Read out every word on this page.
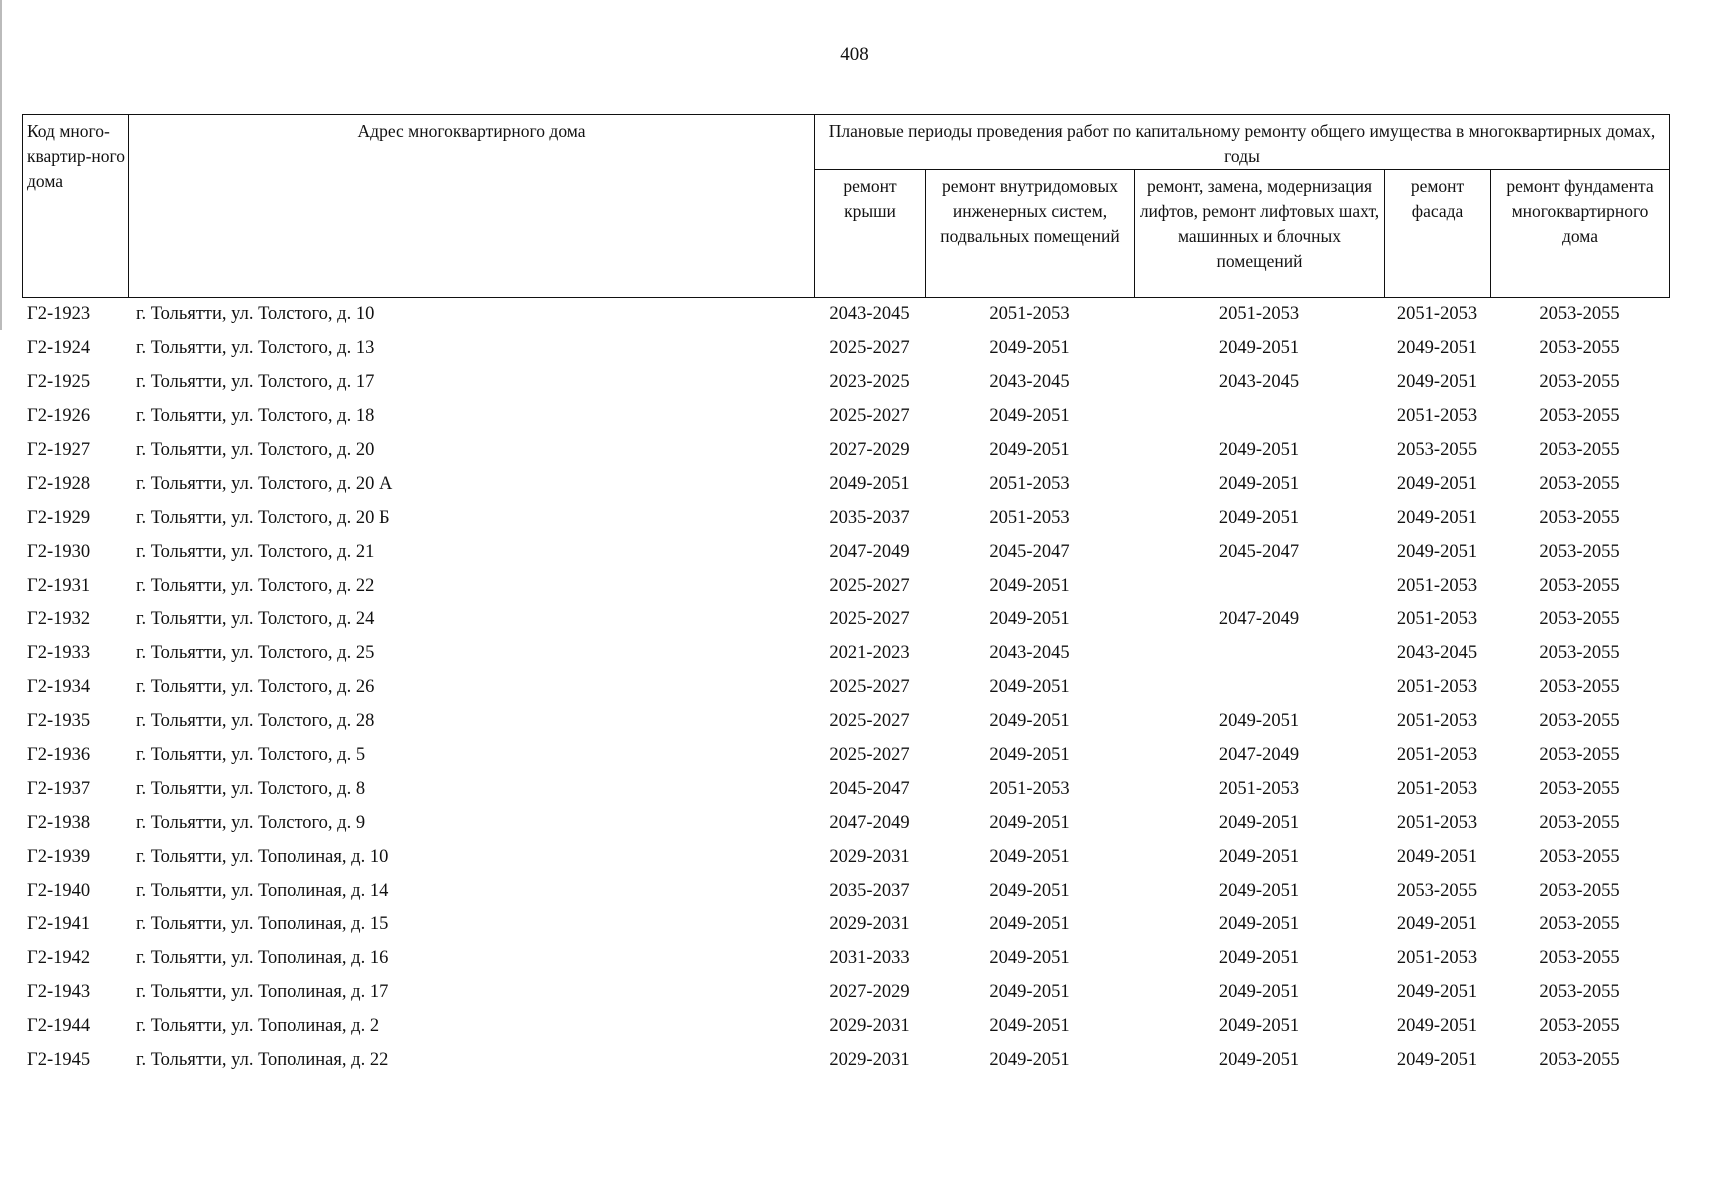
408
Код много-квартир-ного дома	Адрес многоквартирного дома	Плановые периоды проведения работ по капитальному ремонту общего имущества в многоквартирных домах, годы				
		ремонт крыши	ремонт внутридомовых инженерных систем, подвальных помещений	ремонт, замена, модернизация лифтов, ремонт лифтовых шахт, машинных и блочных помещений	ремонт фасада	ремонт фундамента многоквартирного дома
Г2-1923	г. Тольятти, ул. Толстого, д. 10	2043-2045	2051-2053	2051-2053	2051-2053	2053-2055
Г2-1924	г. Тольятти, ул. Толстого, д. 13	2025-2027	2049-2051	2049-2051	2049-2051	2053-2055
Г2-1925	г. Тольятти, ул. Толстого, д. 17	2023-2025	2043-2045	2043-2045	2049-2051	2053-2055
Г2-1926	г. Тольятти, ул. Толстого, д. 18	2025-2027	2049-2051		2051-2053	2053-2055
Г2-1927	г. Тольятти, ул. Толстого, д. 20	2027-2029	2049-2051	2049-2051	2053-2055	2053-2055
Г2-1928	г. Тольятти, ул. Толстого, д. 20 А	2049-2051	2051-2053	2049-2051	2049-2051	2053-2055
Г2-1929	г. Тольятти, ул. Толстого, д. 20 Б	2035-2037	2051-2053	2049-2051	2049-2051	2053-2055
Г2-1930	г. Тольятти, ул. Толстого, д. 21	2047-2049	2045-2047	2045-2047	2049-2051	2053-2055
Г2-1931	г. Тольятти, ул. Толстого, д. 22	2025-2027	2049-2051		2051-2053	2053-2055
Г2-1932	г. Тольятти, ул. Толстого, д. 24	2025-2027	2049-2051	2047-2049	2051-2053	2053-2055
Г2-1933	г. Тольятти, ул. Толстого, д. 25	2021-2023	2043-2045		2043-2045	2053-2055
Г2-1934	г. Тольятти, ул. Толстого, д. 26	2025-2027	2049-2051		2051-2053	2053-2055
Г2-1935	г. Тольятти, ул. Толстого, д. 28	2025-2027	2049-2051	2049-2051	2051-2053	2053-2055
Г2-1936	г. Тольятти, ул. Толстого, д. 5	2025-2027	2049-2051	2047-2049	2051-2053	2053-2055
Г2-1937	г. Тольятти, ул. Толстого, д. 8	2045-2047	2051-2053	2051-2053	2051-2053	2053-2055
Г2-1938	г. Тольятти, ул. Толстого, д. 9	2047-2049	2049-2051	2049-2051	2051-2053	2053-2055
Г2-1939	г. Тольятти, ул. Тополиная, д. 10	2029-2031	2049-2051	2049-2051	2049-2051	2053-2055
Г2-1940	г. Тольятти, ул. Тополиная, д. 14	2035-2037	2049-2051	2049-2051	2053-2055	2053-2055
Г2-1941	г. Тольятти, ул. Тополиная, д. 15	2029-2031	2049-2051	2049-2051	2049-2051	2053-2055
Г2-1942	г. Тольятти, ул. Тополиная, д. 16	2031-2033	2049-2051	2049-2051	2051-2053	2053-2055
Г2-1943	г. Тольятти, ул. Тополиная, д. 17	2027-2029	2049-2051	2049-2051	2049-2051	2053-2055
Г2-1944	г. Тольятти, ул. Тополиная, д. 2	2029-2031	2049-2051	2049-2051	2049-2051	2053-2055
Г2-1945	г. Тольятти, ул. Тополиная, д. 22	2029-2031	2049-2051	2049-2051	2049-2051	2053-2055
